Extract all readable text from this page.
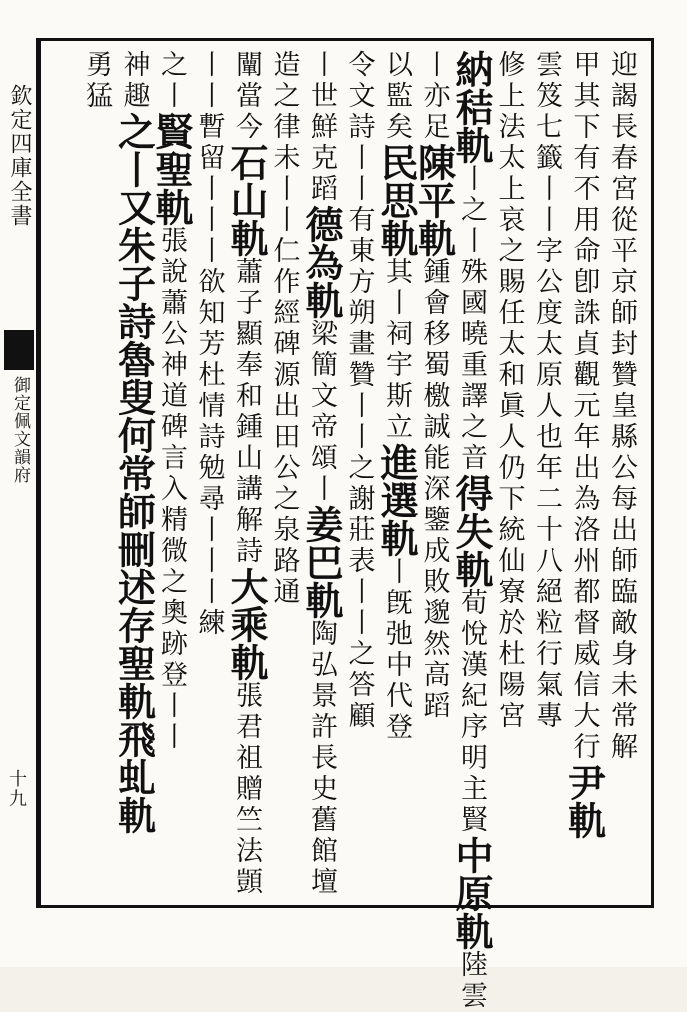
欽定四庫全書
御定佩文韻府
十九
迎謁長春宮從平京師封贊皇縣公每出師臨敵身未常解
甲其下有不用命卽誅貞觀元年出為洛州都督威信大行尹軌
雲笈七籤丨丨字公度太原人也年二十八絕粒行氣專
修上法太上哀之賜任太和眞人仍下統仙寮於杜陽宮
納秸軌丨之丨殊國曉重譯之音得失軌荀悅漢紀序明主賢中原軌陸雲
丨亦足陳平軌鍾會移蜀檄誠能深鑒成敗邈然高蹈
以監矣民思軌其丨祠宇斯立進選軌丨旣弛中代登
令文詩丨丨有東方朔畫贊丨丨之謝莊表丨丨之答顧
丨世鮮克蹈德為軌梁簡文帝頌丨姜巴軌陶弘景許長史舊館壇
造之律未丨丨仁作經碑源出田公之泉路通
闡當今石山軌蕭子顯奉和鍾山講解詩大乘軌張君祖贈竺法顗
丨丨暫留丨丨丨欲知芳杜情詩勉尋丨丨丨練
之丨賢聖軌張說蕭公神道碑言入精微之奧跡登丨丨
神趣之丨又朱子詩魯叟何常師刪述存聖軌飛虬軌
勇猛
